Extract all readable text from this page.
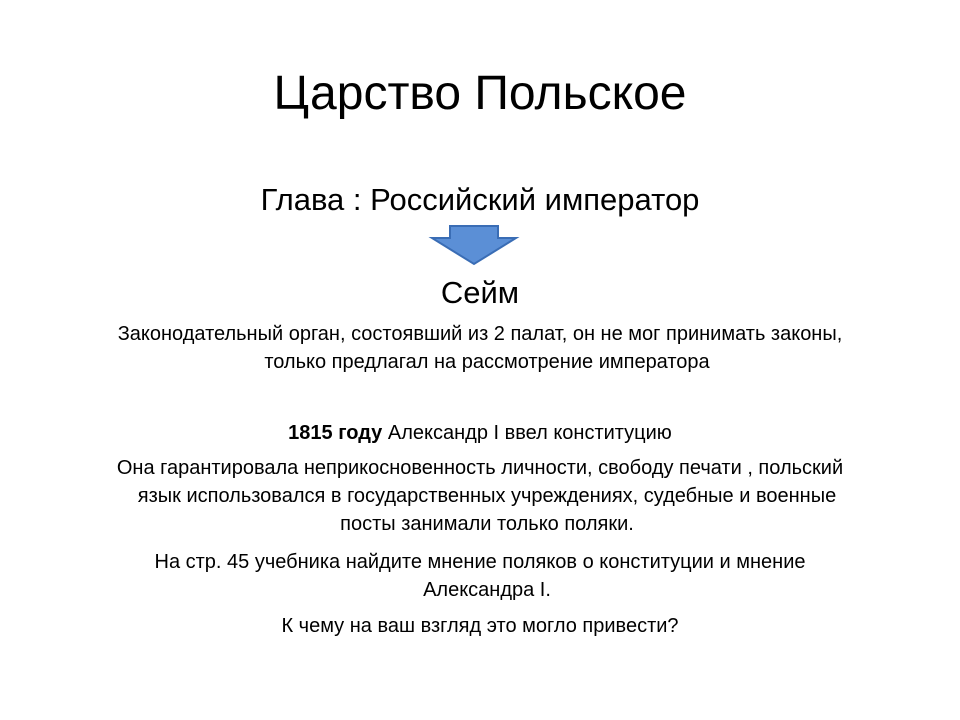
Царство Польское
Глава : Российский император
Сейм
Законодательный орган, состоявший из 2 палат, он не мог принимать законы,
только предлагал на рассмотрение императора
1815 году Александр I ввел конституцию
Она гарантировала неприкосновенность личности, свободу печати , польский
язык использовался в государственных учреждениях, судебные и военные
посты занимали только поляки.
На стр. 45 учебника найдите мнение поляков о конституции и мнение
Александра I.
К чему на ваш взгляд это могло привести?
